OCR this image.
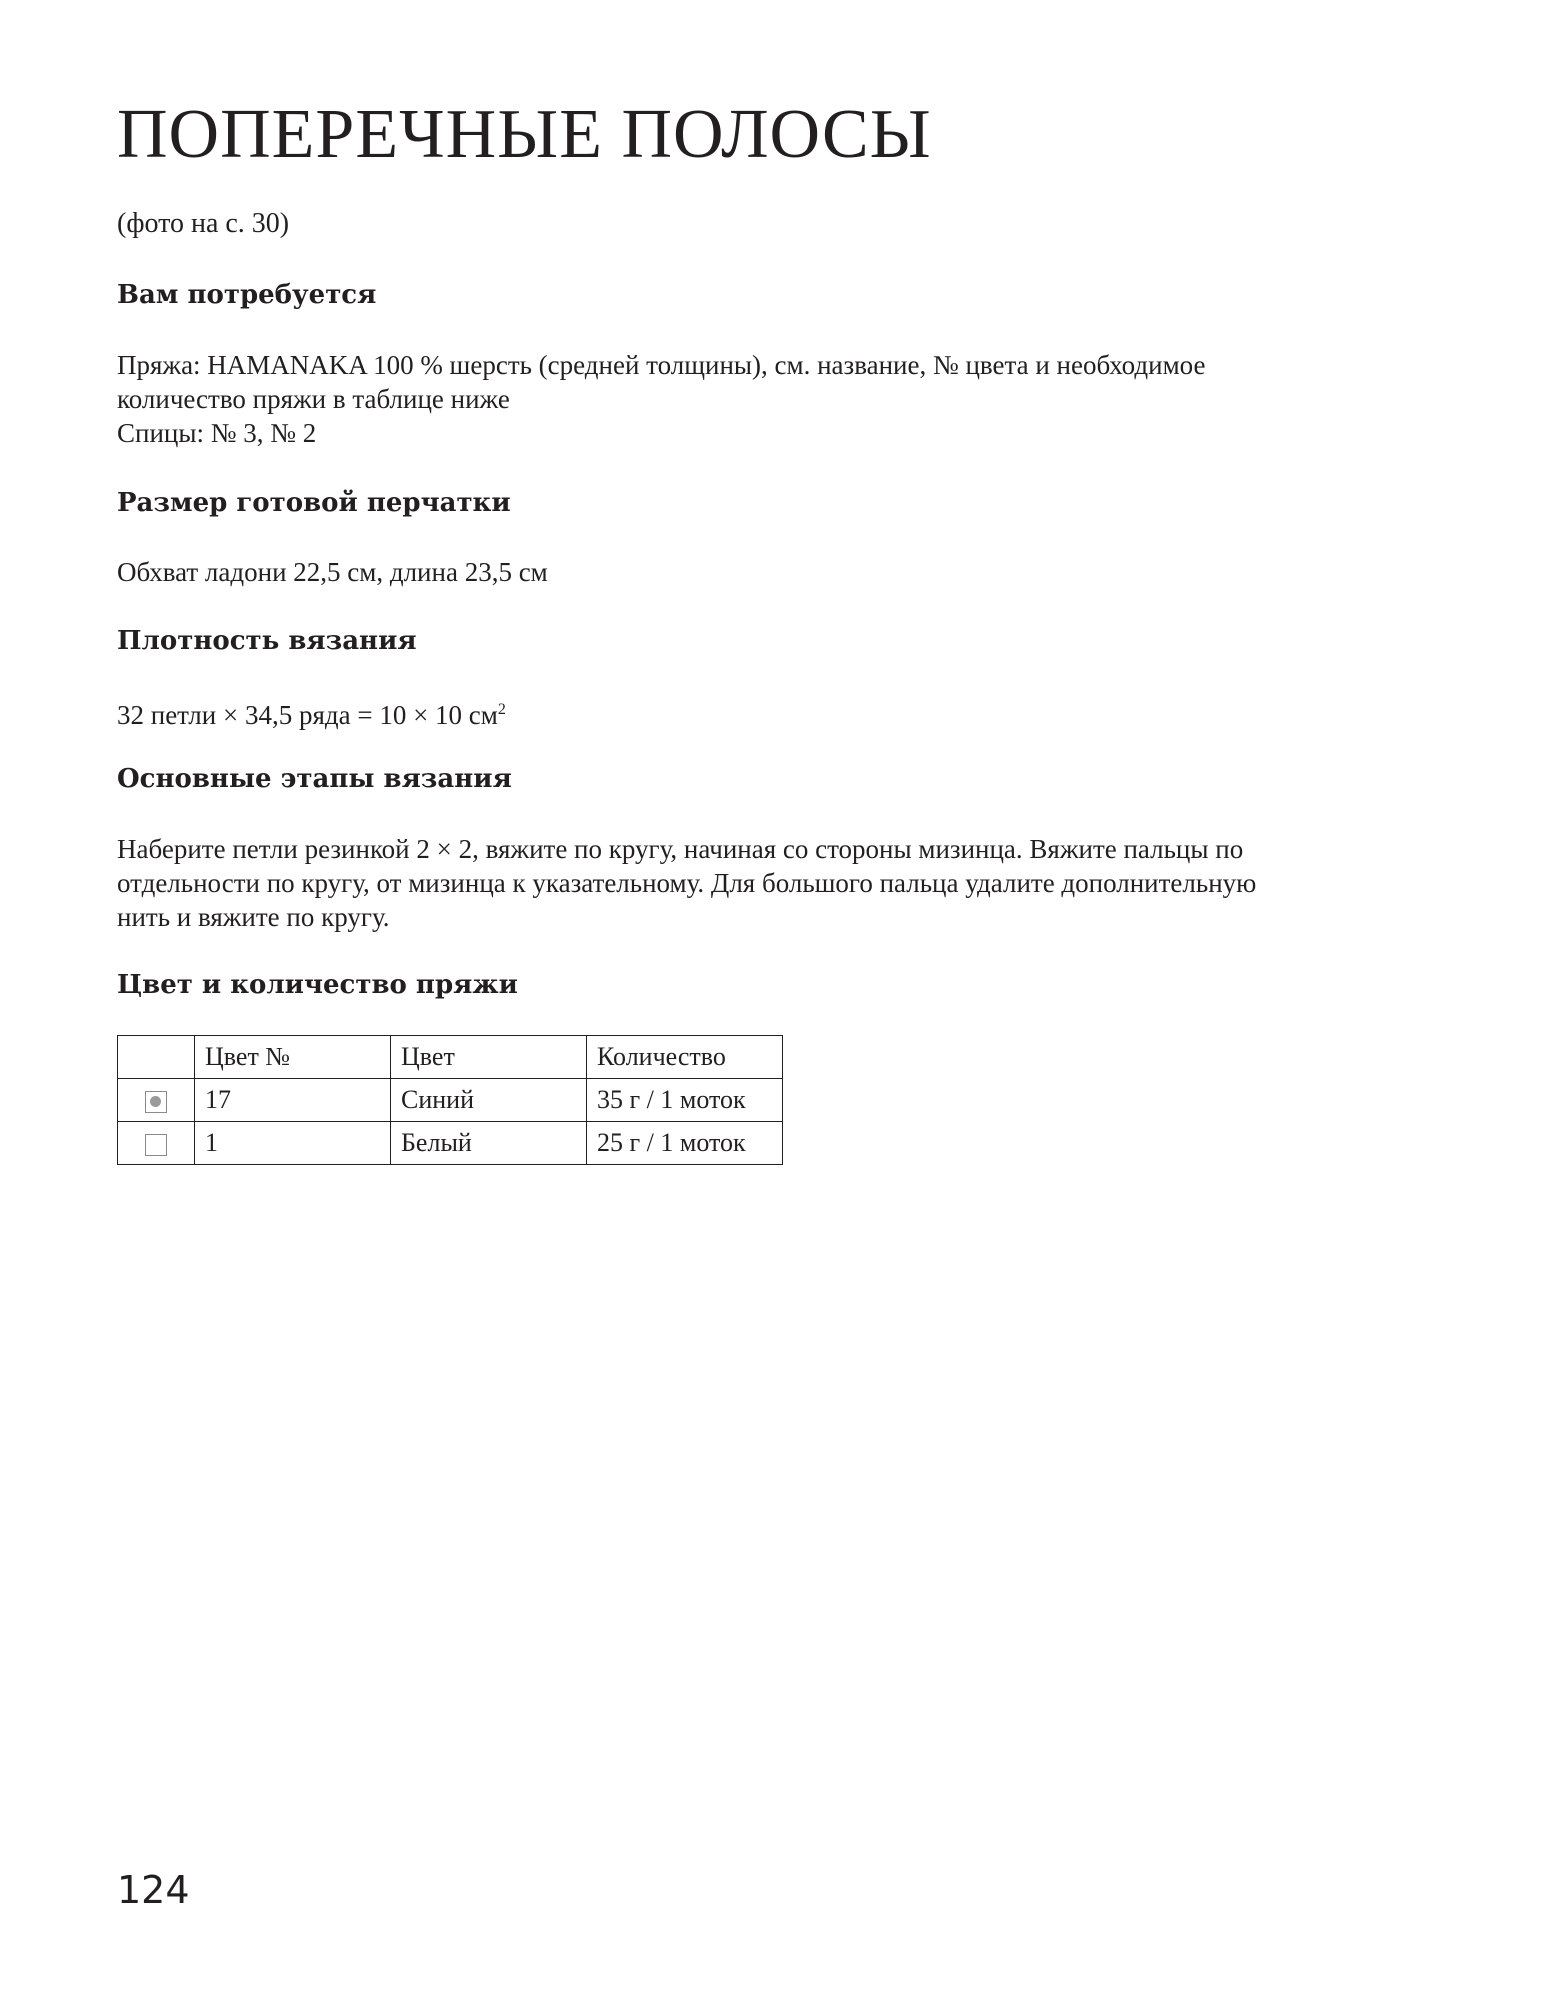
ПОПЕРЕЧНЫЕ ПОЛОСЫ
(фото на с. 30)
Вам потребуется
Пряжа: HAMANAKA 100 % шерсть (средней толщины), см. название, № цвета и необходимое
количество пряжи в таблице ниже
Спицы: № 3, № 2
Размер готовой перчатки
Обхват ладони 22,5 см, длина 23,5 см
Плотность вязания
32 петли × 34,5 ряда = 10 × 10 $см^2$
Основные этапы вязания
Наберите петли резинкой 2 × 2, вяжите по кругу, начиная со стороны мизинца. Вяжите пальцы по
отдельности по кругу, от мизинца к указательному. Для большого пальца удалите дополнительную
нить и вяжите по кругу.
Цвет и количество пряжи
	Цвет №	Цвет	Количество

	17	Синий	35 г / 1 моток
	1	Белый	25 г / 1 моток
124
